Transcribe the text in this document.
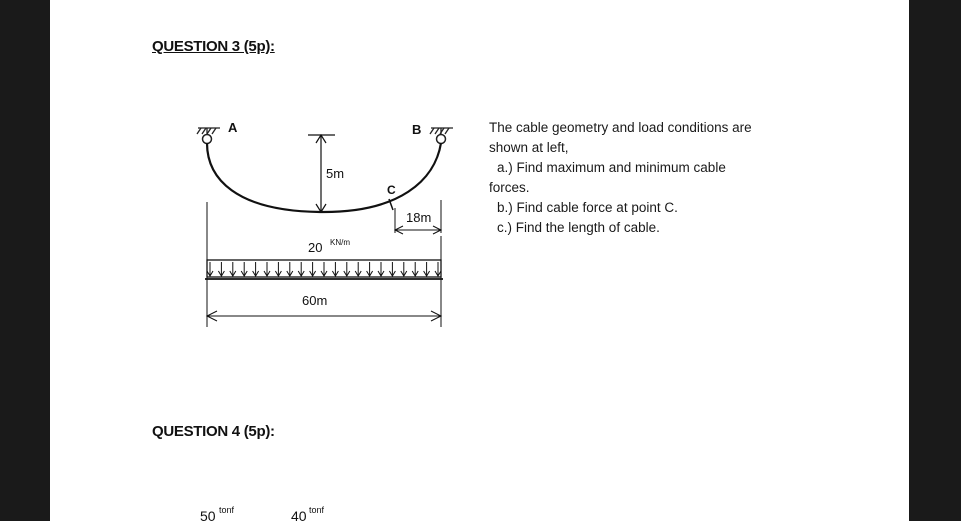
QUESTION 3 (5p):
A	B
C
5m
18m
20 KN/m
60m
50 tonf	40 tonf

The cable geometry and load conditions are shown at left,

a.) Find maximum and minimum cable

forces.

b.) Find cable force at point C.

c.) Find the length of cable.

QUESTION 4 (5p):
